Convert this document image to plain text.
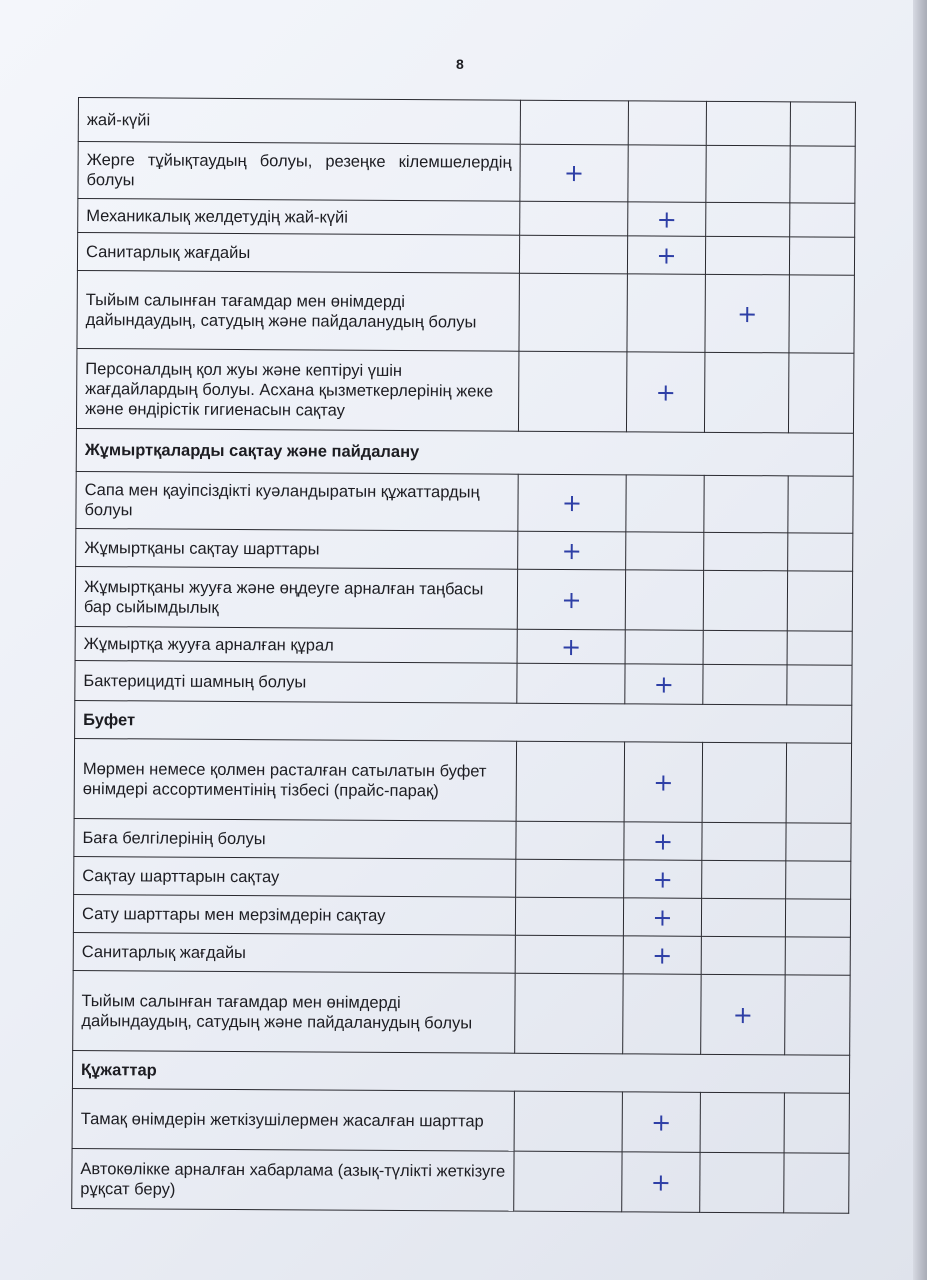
8
жай-күйі				
Жерге тұйықтаудың болуы, резеңке кілемшелердің болуы	+			
Механикалық желдетудің жай-күйі		+		
Санитарлық жағдайы		+		
Тыйым салынған тағамдар мен өнімдерді дайындаудың, сатудың және пайдаланудың болуы			+	
Персоналдың қол жуы және кептіруі үшін жағдайлардың болуы. Асхана қызметкерлерінің жеке және өндірістік гигиенасын сақтау		+		
Жұмыртқаларды сақтау және пайдалану				
Сапа мен қауіпсіздікті куәландыратын құжаттардың болуы	+			
Жұмыртқаны сақтау шарттары	+			
Жұмыртқаны жууға және өңдеуге арналған таңбасы бар сыйымдылық	+			
Жұмыртқа жууға арналған құрал	+			
Бактерицидті шамның болуы		+		
Буфет				
Мөрмен немесе қолмен расталған сатылатын буфет өнімдері ассортиментінің тізбесі (прайс-парақ)		+		
Баға белгілерінің болуы		+		
Сақтау шарттарын сақтау		+		
Сату шарттары мен мерзімдерін сақтау		+		
Санитарлық жағдайы		+		
Тыйым салынған тағамдар мен өнімдерді дайындаудың, сатудың және пайдаланудың болуы			+	
Құжаттар				
Тамақ өнімдерін жеткізушілермен жасалған шарттар		+		
Автокөлікке арналған хабарлама (азық-түлікті жеткізуге рұқсат беру)		+		
